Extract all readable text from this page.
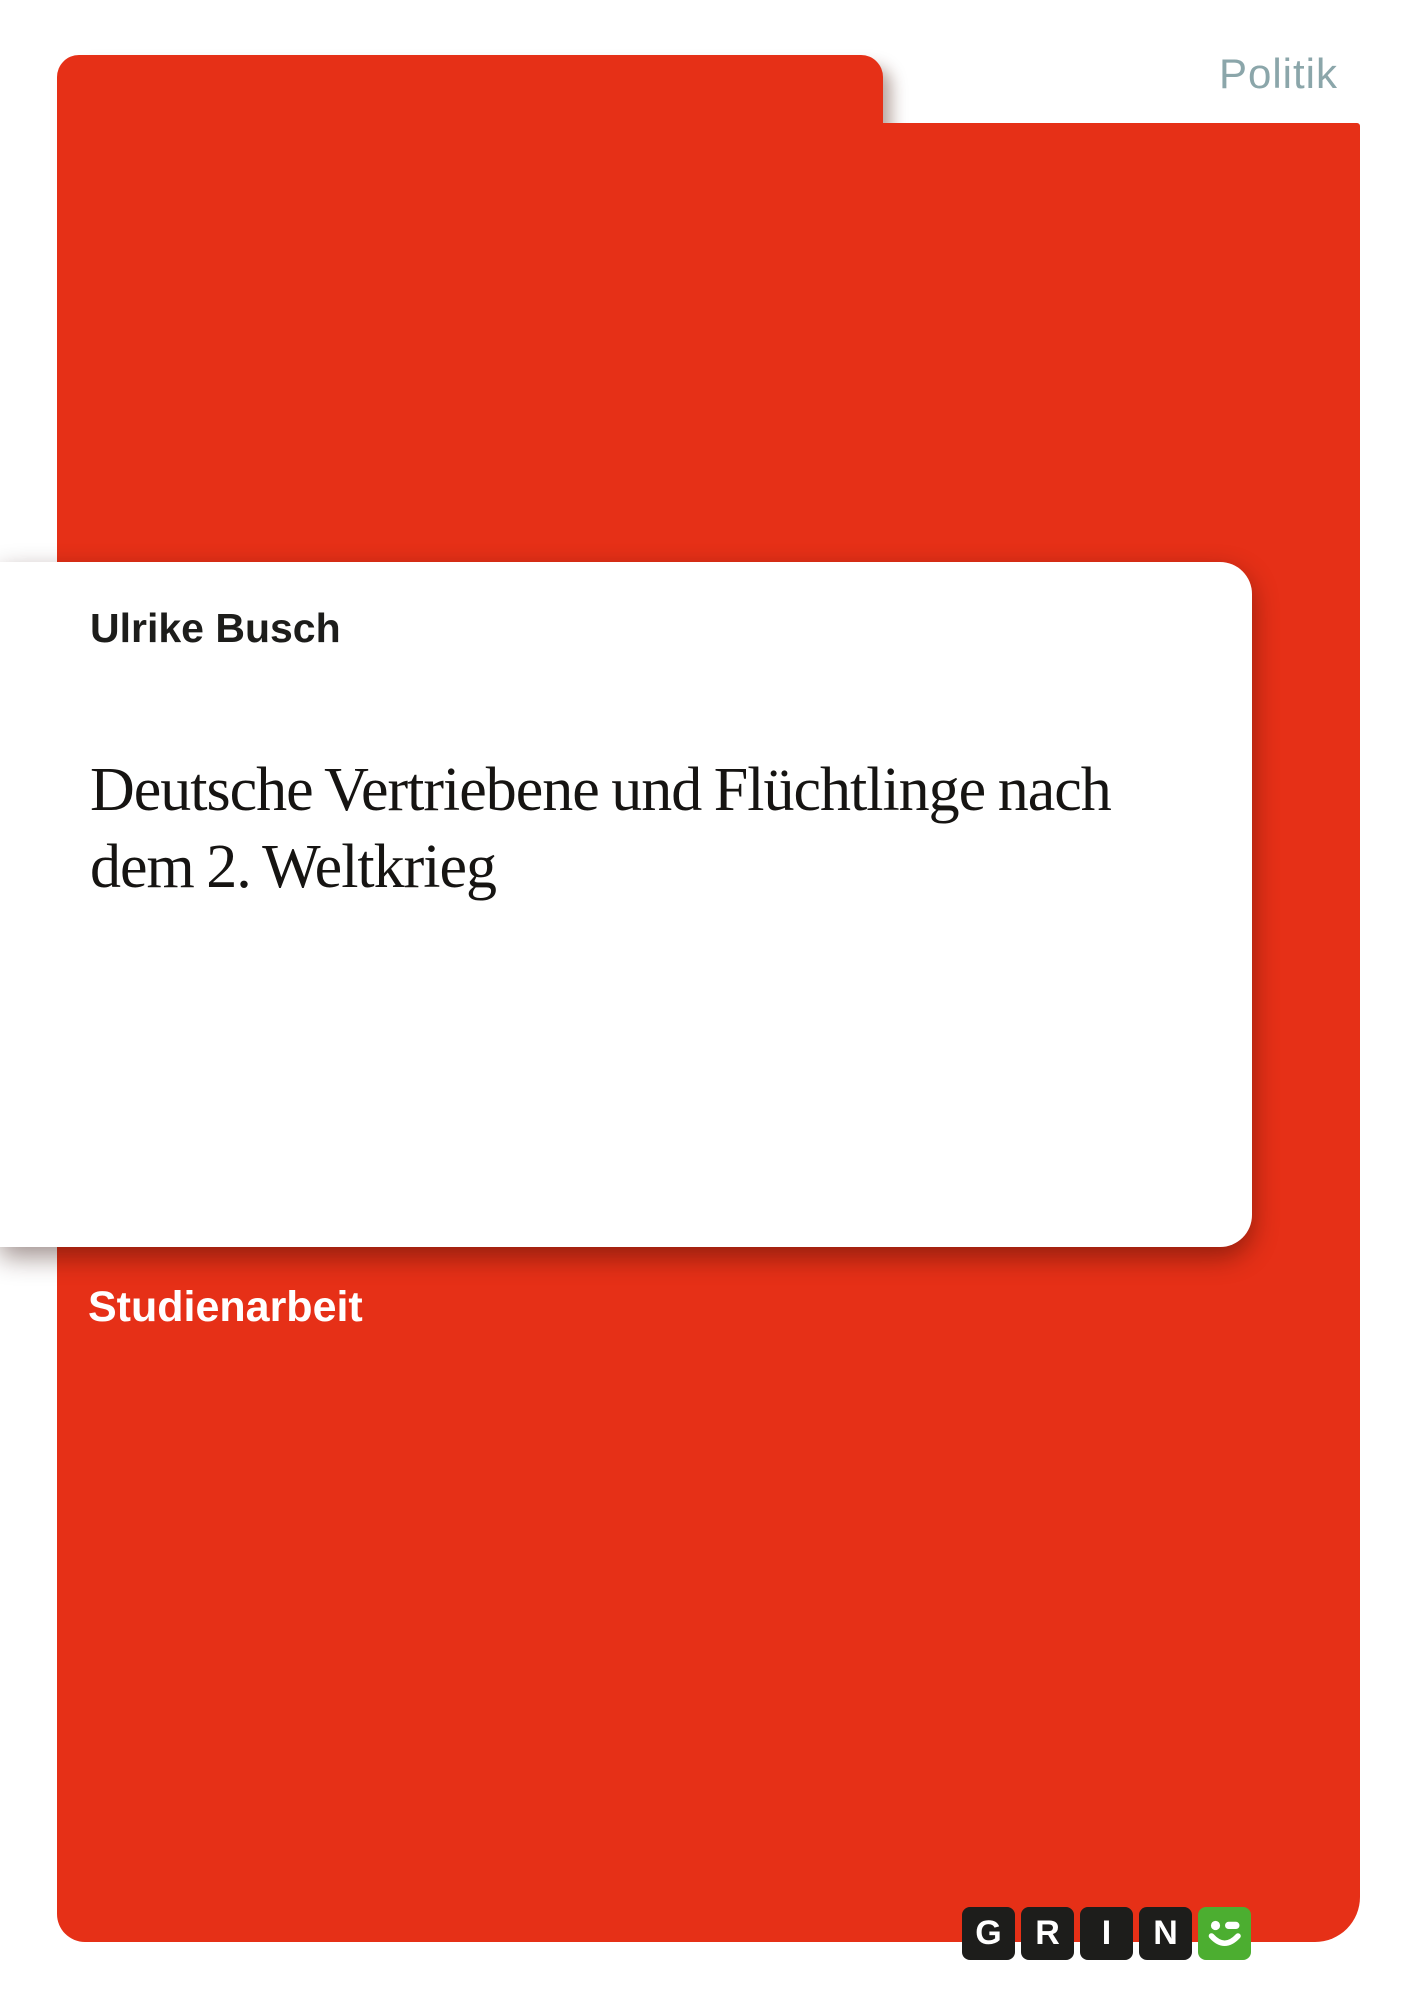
Politik
Ulrike Busch
Deutsche Vertriebene und Flüchtlinge nach
dem 2. Weltkrieg
Studienarbeit
G R	I	N
